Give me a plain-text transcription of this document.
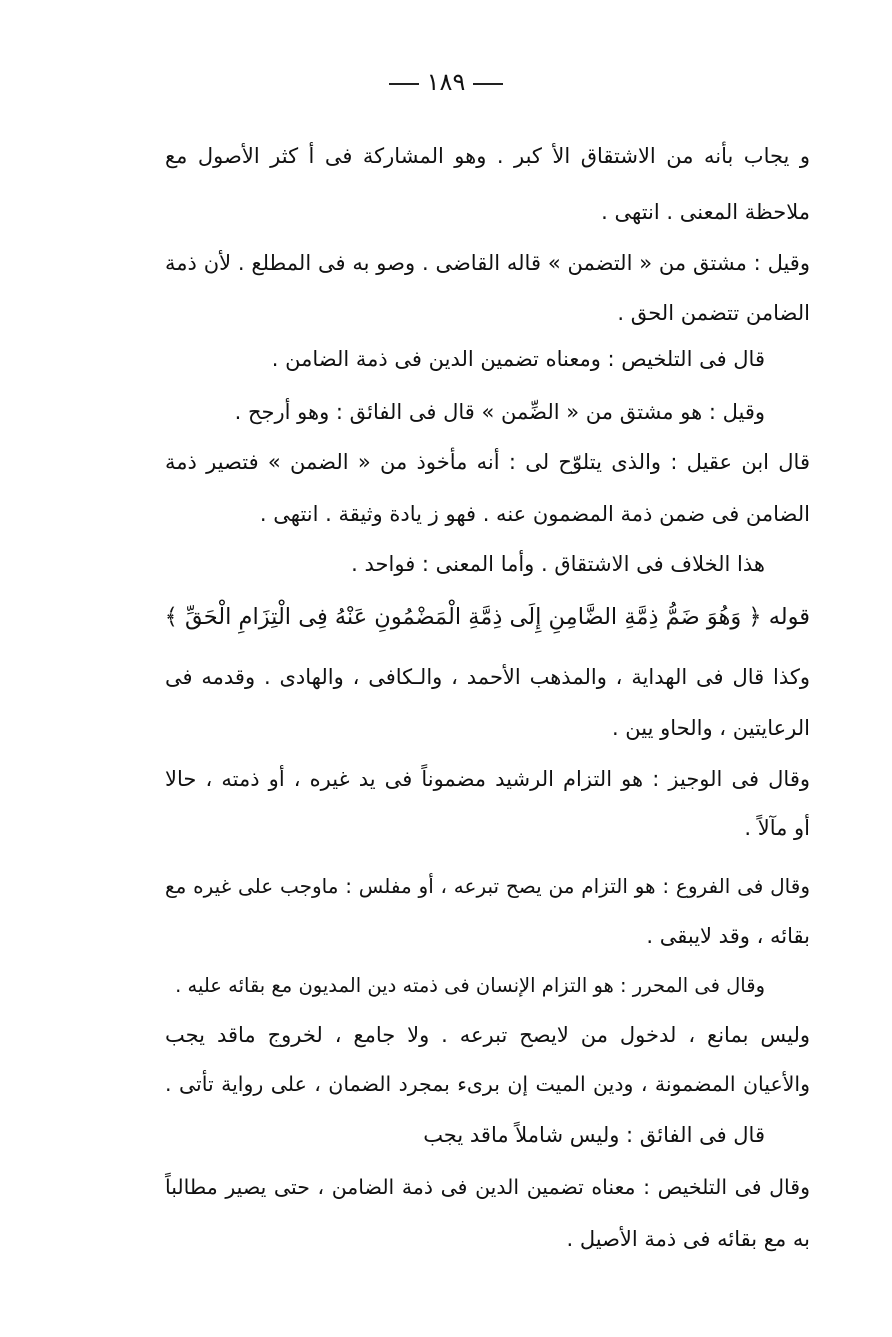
١٨٩
و يجاب بأنه من الاشتقاق الأ كبر . وهو المشاركة فى أ كثر الأصول مع
ملاحظة المعنى . انتهى .
وقيل : مشتق من « التضمن » قاله القاضى . وصو به فى المطلع . لأن ذمة
الضامن تتضمن الحق .
قال فى التلخيص : ومعناه تضمين الدين فى ذمة الضامن .
وقيل : هو مشتق من « الضِّمن » قال فى الفائق : وهو أرجح .
قال ابن عقيل : والذى يتلوّح لى : أنه مأخوذ من « الضمن » فتصير ذمة
الضامن فى ضمن ذمة المضمون عنه . فهو ز يادة وثيقة . انتهى .
هذا الخلاف فى الاشتقاق . وأما المعنى : فواحد .
قوله ﴿ وَهُوَ ضَمُّ ذِمَّةِ الضَّامِنِ إِلَى ذِمَّةِ الْمَضْمُونِ عَنْهُ فِى الْتِزَامِ الْحَقِّ ﴾
وكذا قال فى الهداية ، والمذهب الأحمد ، والـكافى ، والهادى . وقدمه فى
الرعايتين ، والحاو يين .
وقال فى الوجيز : هو التزام الرشيد مضموناً فى يد غيره ، أو ذمته ، حالا
أو مآلاً .
وقال فى الفروع : هو التزام من يصح تبرعه ، أو مفلس : ماوجب على غيره مع
بقائه ، وقد لايبقى .
وقال فى المحرر : هو التزام الإنسان فى ذمته دين المديون مع بقائه عليه .
وليس بمانع ، لدخول من لايصح تبرعه . ولا جامع ، لخروج ماقد يجب
والأعيان المضمونة ، ودين الميت إن برىء بمجرد الضمان ، على رواية تأتى .
قال فى الفائق : وليس شاملاً ماقد يجب
وقال فى التلخيص : معناه تضمين الدين فى ذمة الضامن ، حتى يصير مطالباً
به مع بقائه فى ذمة الأصيل .
